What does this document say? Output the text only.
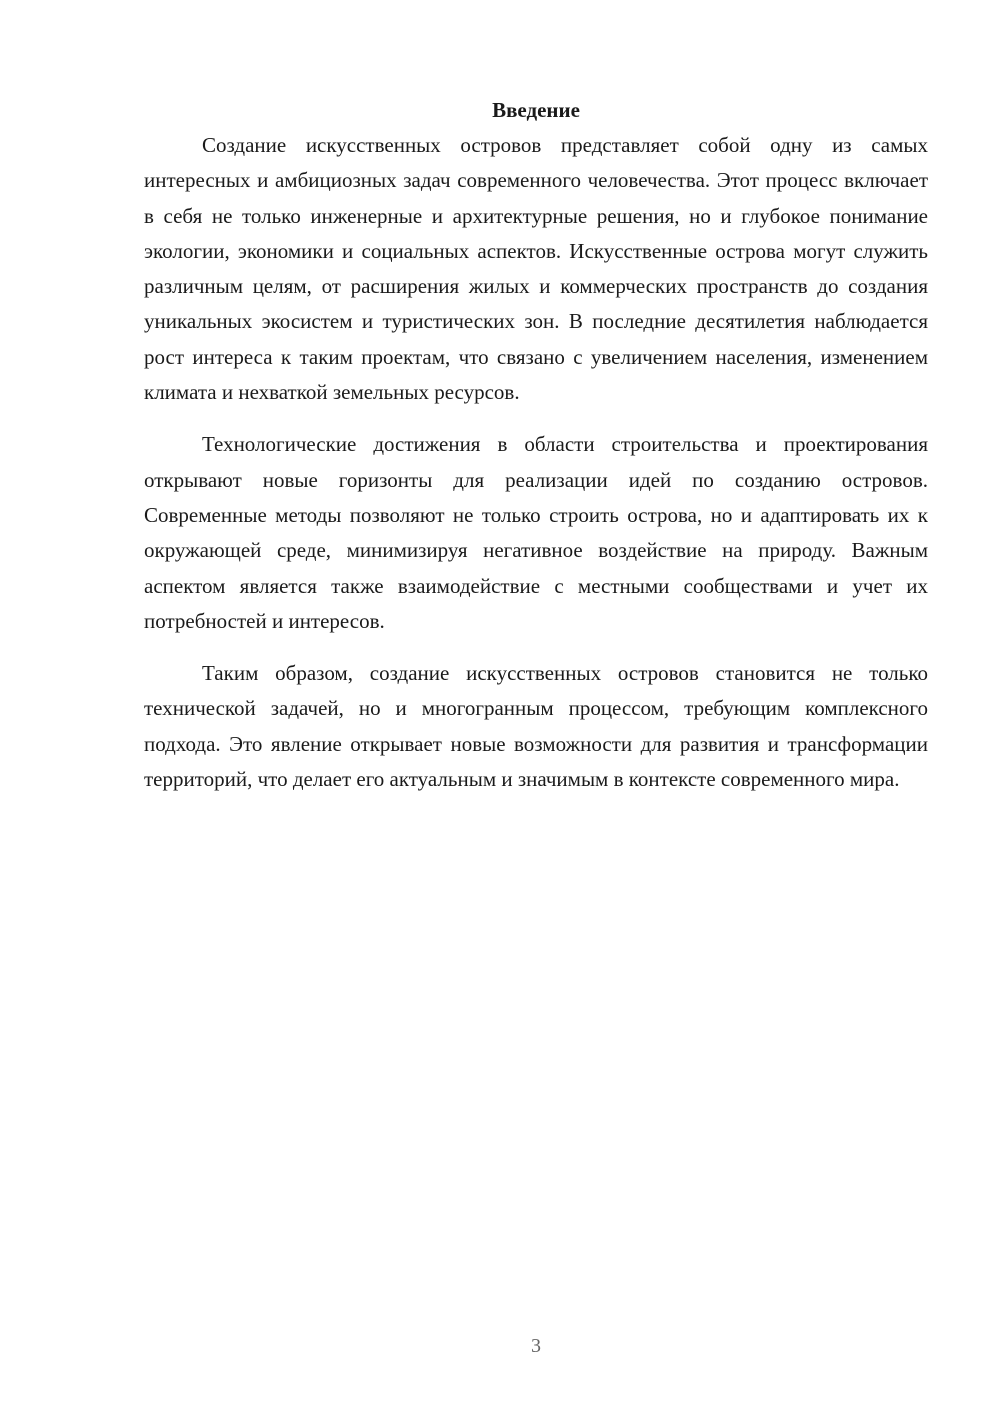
Введение

Создание искусственных островов представляет собой одну из самых интересных и амбициозных задач современного человечества. Этот процесс включает в себя не только инженерные и архитектурные решения, но и глубокое понимание экологии, экономики и социальных аспектов. Искусственные острова могут служить различным целям, от расширения жилых и коммерческих пространств до создания уникальных экосистем и туристических зон. В последние десятилетия наблюдается рост интереса к таким проектам, что связано с увеличением населения, изменением климата и нехваткой земельных ресурсов.

Технологические достижения в области строительства и проектирования открывают новые горизонты для реализации идей по созданию островов. Современные методы позволяют не только строить острова, но и адаптировать их к окружающей среде, минимизируя негативное воздействие на природу. Важным аспектом является также взаимодействие с местными сообществами и учет их потребностей и интересов.

Таким образом, создание искусственных островов становится не только технической задачей, но и многогранным процессом, требующим комплексного подхода. Это явление открывает новые возможности для развития и трансформации территорий, что делает его актуальным и значимым в контексте современного мира.

3
